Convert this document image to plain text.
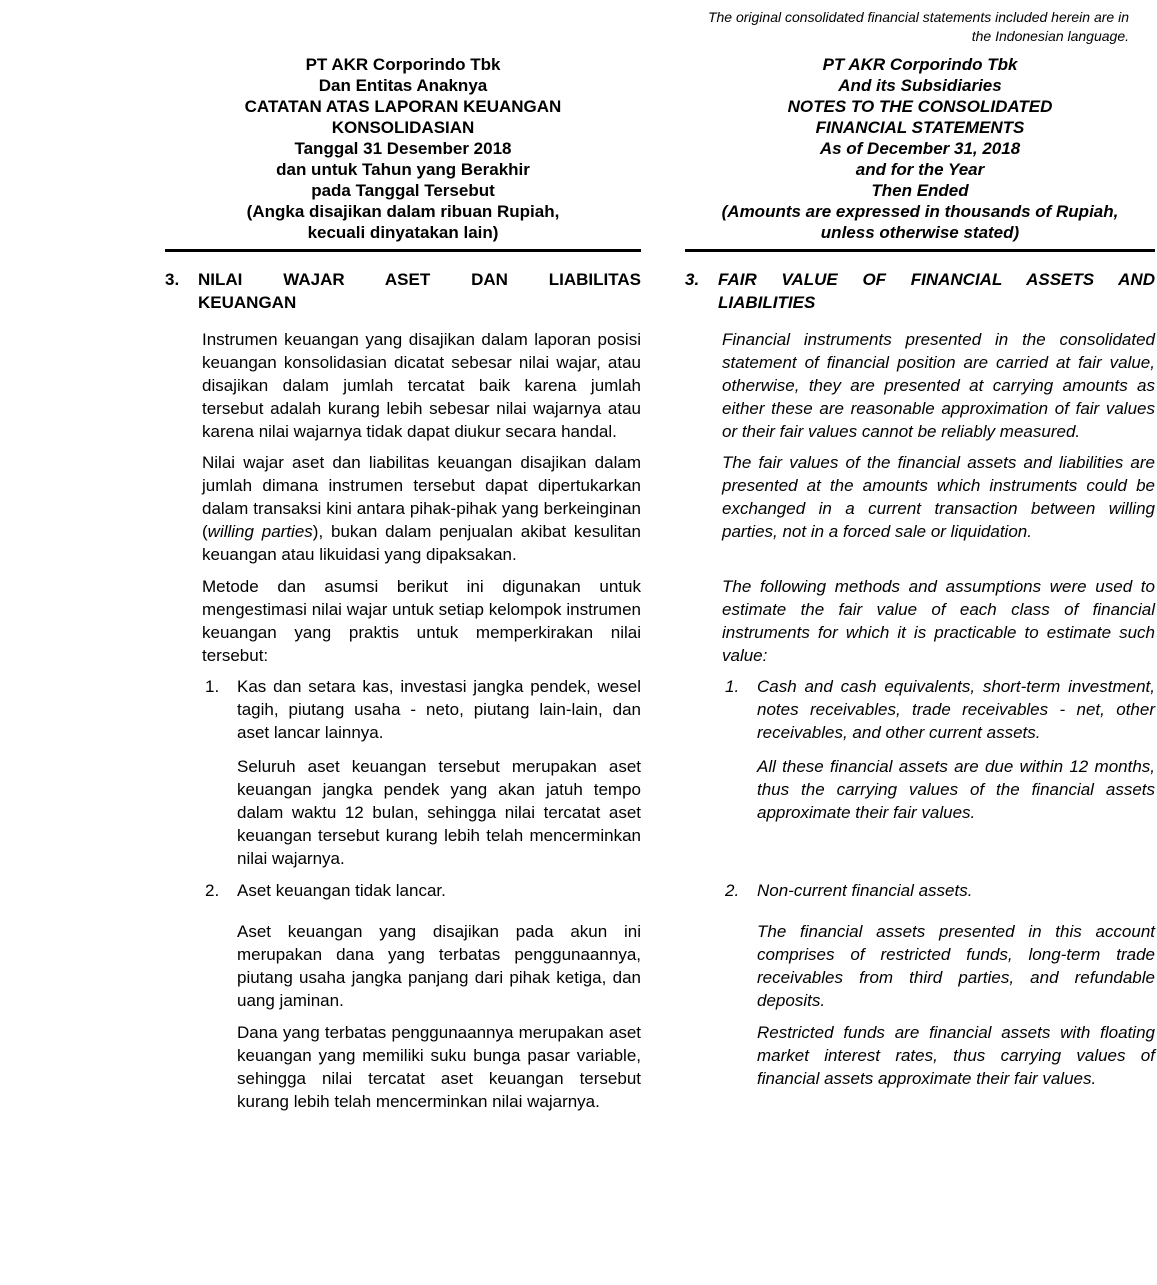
The original consolidated financial statements included herein are in
the Indonesian language.
PT AKR Corporindo Tbk
Dan Entitas Anaknya
CATATAN ATAS LAPORAN KEUANGAN
KONSOLIDASIAN
Tanggal 31 Desember 2018
dan untuk Tahun yang Berakhir
pada Tanggal Tersebut
(Angka disajikan dalam ribuan Rupiah,
kecuali dinyatakan lain)
PT AKR Corporindo Tbk
And its Subsidiaries
NOTES TO THE CONSOLIDATED
FINANCIAL STATEMENTS
As of December 31, 2018
and for the Year
Then Ended
(Amounts are expressed in thousands of Rupiah,
unless otherwise stated)
3.	NILAI WAJAR ASET DAN LIABILITAS
KEUANGAN
3.	FAIR VALUE OF FINANCIAL ASSETS AND
LIABILITIES
Instrumen keuangan yang disajikan dalam laporan posisi keuangan konsolidasian dicatat sebesar nilai wajar, atau disajikan dalam jumlah tercatat baik karena jumlah tersebut adalah kurang lebih sebesar nilai wajarnya atau karena nilai wajarnya tidak dapat diukur secara handal.
Financial instruments presented in the consolidated statement of financial position are carried at fair value, otherwise, they are presented at carrying amounts as either these are reasonable approximation of fair values or their fair values cannot be reliably measured.
Nilai wajar aset dan liabilitas keuangan disajikan dalam jumlah dimana instrumen tersebut dapat dipertukarkan dalam transaksi kini antara pihak-pihak yang berkeinginan (willing parties), bukan dalam penjualan akibat kesulitan keuangan atau likuidasi yang dipaksakan.
The fair values of the financial assets and liabilities are presented at the amounts which instruments could be exchanged in a current transaction between willing parties, not in a forced sale or liquidation.
Metode dan asumsi berikut ini digunakan untuk mengestimasi nilai wajar untuk setiap kelompok instrumen keuangan yang praktis untuk memperkirakan nilai tersebut:
The following methods and assumptions were used to estimate the fair value of each class of financial instruments for which it is practicable to estimate such value:
1.	Kas dan setara kas, investasi jangka pendek, wesel tagih, piutang usaha - neto, piutang lain-lain, dan aset lancar lainnya.
1.	Cash and cash equivalents, short-term investment, notes receivables, trade receivables - net, other receivables, and other current assets.
Seluruh aset keuangan tersebut merupakan aset keuangan jangka pendek yang akan jatuh tempo dalam waktu 12 bulan, sehingga nilai tercatat aset keuangan tersebut kurang lebih telah mencerminkan nilai wajarnya.
All these financial assets are due within 12 months, thus the carrying values of the financial assets approximate their fair values.
2.	Aset keuangan tidak lancar.	2.	Non-current financial assets.
Aset keuangan yang disajikan pada akun ini merupakan dana yang terbatas penggunaannya, piutang usaha jangka panjang dari pihak ketiga, dan uang jaminan.
The financial assets presented in this account comprises of restricted funds, long-term trade receivables from third parties, and refundable deposits.
Dana yang terbatas penggunaannya merupakan aset keuangan yang memiliki suku bunga pasar variable, sehingga nilai tercatat aset keuangan tersebut kurang lebih telah mencerminkan nilai wajarnya.
Restricted funds are financial assets with floating market interest rates, thus carrying values of financial assets approximate their fair values.
